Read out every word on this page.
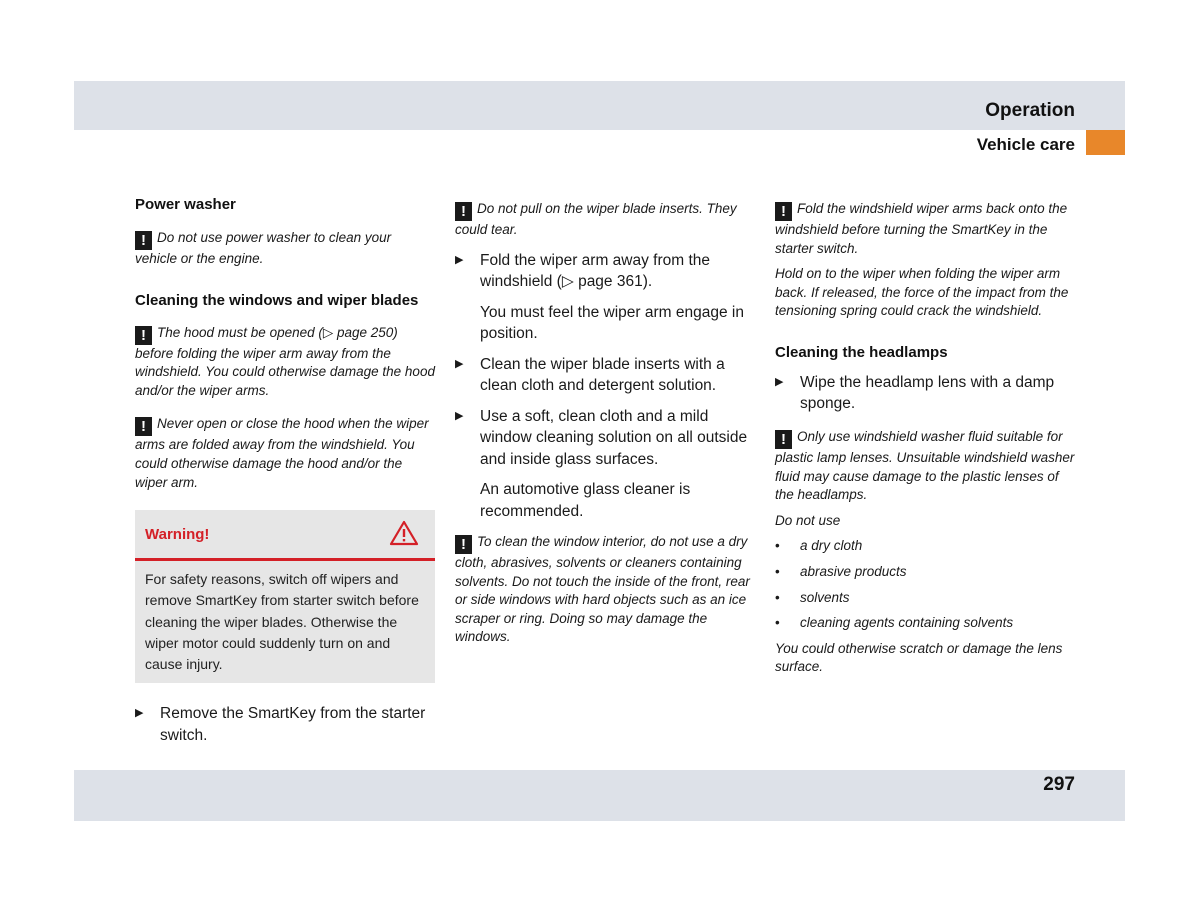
Operation
Vehicle care
Power washer

! Do not use power washer to clean your vehicle or the engine.

Cleaning the windows and wiper blades

! The hood must be opened (▷ page 250) before folding the wiper arm away from the windshield. You could otherwise damage the hood and/or the wiper arms.

! Never open or close the hood when the wiper arms are folded away from the windshield. You could otherwise damage the hood and/or the wiper arm.

Warning!
For safety reasons, switch off wipers and remove SmartKey from starter switch before cleaning the wiper blades. Otherwise the wiper motor could suddenly turn on and cause injury.

▶ Remove the SmartKey from the starter switch.

! Do not pull on the wiper blade inserts. They could tear.

▶ Fold the wiper arm away from the windshield (▷ page 361).

You must feel the wiper arm engage in position.

▶ Clean the wiper blade inserts with a clean cloth and detergent solution.

▶ Use a soft, clean cloth and a mild window cleaning solution on all outside and inside glass surfaces.

An automotive glass cleaner is recommended.

! To clean the window interior, do not use a dry cloth, abrasives, solvents or cleaners containing solvents. Do not touch the inside of the front, rear or side windows with hard objects such as an ice scraper or ring. Doing so may damage the windows.

! Fold the windshield wiper arms back onto the windshield before turning the SmartKey in the starter switch.

Hold on to the wiper when folding the wiper arm back. If released, the force of the impact from the tensioning spring could crack the windshield.

Cleaning the headlamps

▶ Wipe the headlamp lens with a damp sponge.

! Only use windshield washer fluid suitable for plastic lamp lenses. Unsuitable windshield washer fluid may cause damage to the plastic lenses of the headlamps.

Do not use

• a dry cloth

• abrasive products

• solvents

• cleaning agents containing solvents

You could otherwise scratch or damage the lens surface.

297
